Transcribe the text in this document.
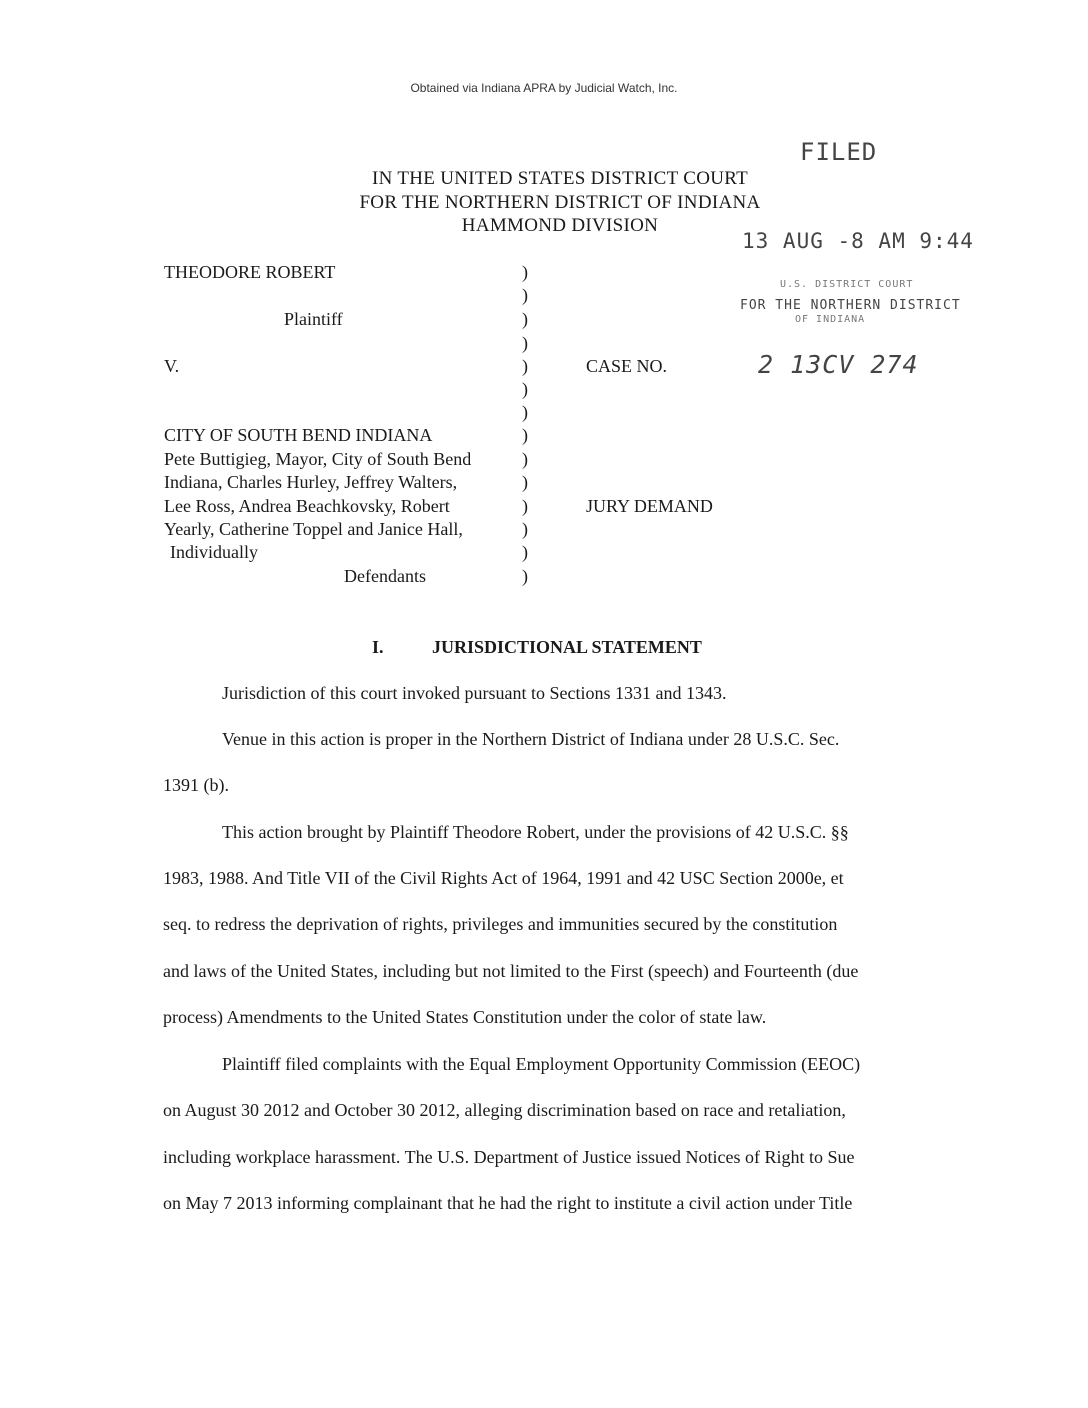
Obtained via Indiana APRA by Judicial Watch, Inc.
FILED
13 AUG -8 AM 9:44
U.S. DISTRICT COURT
FOR THE NORTHERN DISTRICT
OF INDIANA
2 13CV 274
IN THE UNITED STATES DISTRICT COURT
FOR THE NORTHERN DISTRICT OF INDIANA
HAMMOND DIVISION
THEODORE ROBERT
Plaintiff
V.
CITY OF SOUTH BEND INDIANA
Pete Buttigieg, Mayor, City of South Bend
Indiana, Charles Hurley, Jeffrey Walters,
Lee Ross, Andrea Beachkovsky, Robert
Yearly, Catherine Toppel and Janice Hall,
Individually
Defendants
)
)
)
)
)
)
)
)
)
)
)
)
)
)
CASE NO.
JURY DEMAND
I.	JURISDICTIONAL STATEMENT
Jurisdiction of this court invoked pursuant to Sections 1331 and 1343.
Venue in this action is proper in the Northern District of Indiana under 28 U.S.C. Sec.
1391 (b).
This action brought by Plaintiff Theodore Robert, under the provisions of 42 U.S.C. §§
1983, 1988. And Title VII of the Civil Rights Act of 1964, 1991 and 42 USC Section 2000e, et
seq. to redress the deprivation of rights, privileges and immunities secured by the constitution
and laws of the United States, including but not limited to the First (speech) and Fourteenth (due
process) Amendments to the United States Constitution under the color of state law.
Plaintiff filed complaints with the Equal Employment Opportunity Commission (EEOC)
on August 30 2012 and October 30 2012, alleging discrimination based on race and retaliation,
including workplace harassment. The U.S. Department of Justice issued Notices of Right to Sue
on May 7 2013 informing complainant that he had the right to institute a civil action under Title
